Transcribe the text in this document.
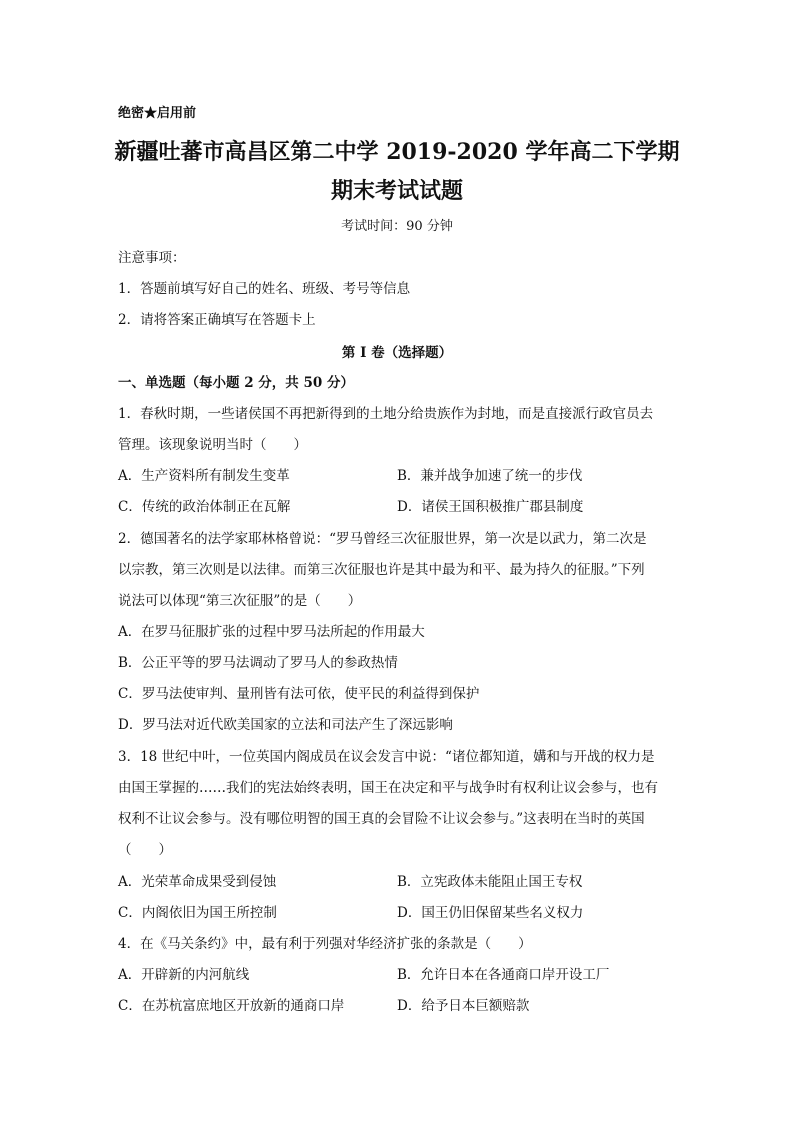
绝密★启用前
新疆吐蕃市高昌区第二中学 2019-2020 学年高二下学期
期末考试试题
考试时间：90 分钟
注意事项：
1．答题前填写好自己的姓名、班级、考号等信息
2．请将答案正确填写在答题卡上
第 I 卷（选择题）
一、单选题（每小题 2 分，共 50 分）
1．春秋时期，一些诸侯国不再把新得到的土地分给贵族作为封地，而是直接派行政官员去
管理。该现象说明当时（　　）
A．生产资料所有制发生变革	B．兼并战争加速了统一的步伐
C．传统的政治体制正在瓦解	D．诸侯王国积极推广郡县制度
2．德国著名的法学家耶林格曾说：“罗马曾经三次征服世界，第一次是以武力，第二次是
以宗教，第三次则是以法律。而第三次征服也许是其中最为和平、最为持久的征服。”下列
说法可以体现“第三次征服”的是（　　）
A．在罗马征服扩张的过程中罗马法所起的作用最大
B．公正平等的罗马法调动了罗马人的参政热情
C．罗马法使审判、量刑皆有法可依，使平民的利益得到保护
D．罗马法对近代欧美国家的立法和司法产生了深远影响
3．18 世纪中叶，一位英国内阁成员在议会发言中说：“诸位都知道，媾和与开战的权力是
由国王掌握的……我们的宪法始终表明，国王在决定和平与战争时有权利让议会参与，也有
权利不让议会参与。没有哪位明智的国王真的会冒险不让议会参与。”这表明在当时的英国
（　　）
A．光荣革命成果受到侵蚀	B．立宪政体未能阻止国王专权
C．内阁依旧为国王所控制	D．国王仍旧保留某些名义权力
4．在《马关条约》中，最有利于列强对华经济扩张的条款是（　　）
A．开辟新的内河航线	B．允许日本在各通商口岸开设工厂
C．在苏杭富庶地区开放新的通商口岸	D．给予日本巨额赔款
